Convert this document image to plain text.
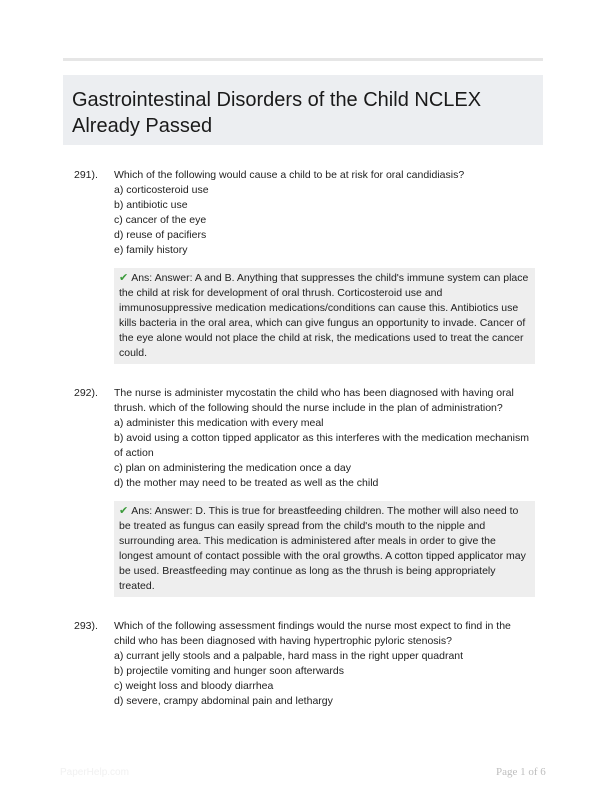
Gastrointestinal Disorders of the Child NCLEX
Already Passed
291). Which of the following would cause a child to be at risk for oral candidiasis?

a) corticosteroid use

b) antibiotic use

c) cancer of the eye

d) reuse of pacifiers

e) family history

✔ Ans: Answer: A and B. Anything that suppresses the child's immune system can place the child at risk for development of oral thrush. Corticosteroid use and immunosuppressive medication medications/conditions can cause this. Antibiotics use kills bacteria in the oral area, which can give fungus an opportunity to invade. Cancer of the eye alone would not place the child at risk, the medications used to treat the cancer could.
292). The nurse is administer mycostatin the child who has been diagnosed with having oral thrush. which of the following should the nurse include in the plan of administration?

a) administer this medication with every meal

b) avoid using a cotton tipped applicator as this interferes with the medication mechanism of action

c) plan on administering the medication once a day

d) the mother may need to be treated as well as the child

✔ Ans: Answer: D. This is true for breastfeeding children. The mother will also need to be treated as fungus can easily spread from the child's mouth to the nipple and surrounding area. This medication is administered after meals in order to give the longest amount of contact possible with the oral growths. A cotton tipped applicator may be used. Breastfeeding may continue as long as the thrush is being appropriately treated.
293). Which of the following assessment findings would the nurse most expect to find in the child who has been diagnosed with having hypertrophic pyloric stenosis?

a) currant jelly stools and a palpable, hard mass in the right upper quadrant

b) projectile vomiting and hunger soon afterwards

c) weight loss and bloody diarrhea

d) severe, crampy abdominal pain and lethargy

PaperHelp.com	Page 1 of 6
